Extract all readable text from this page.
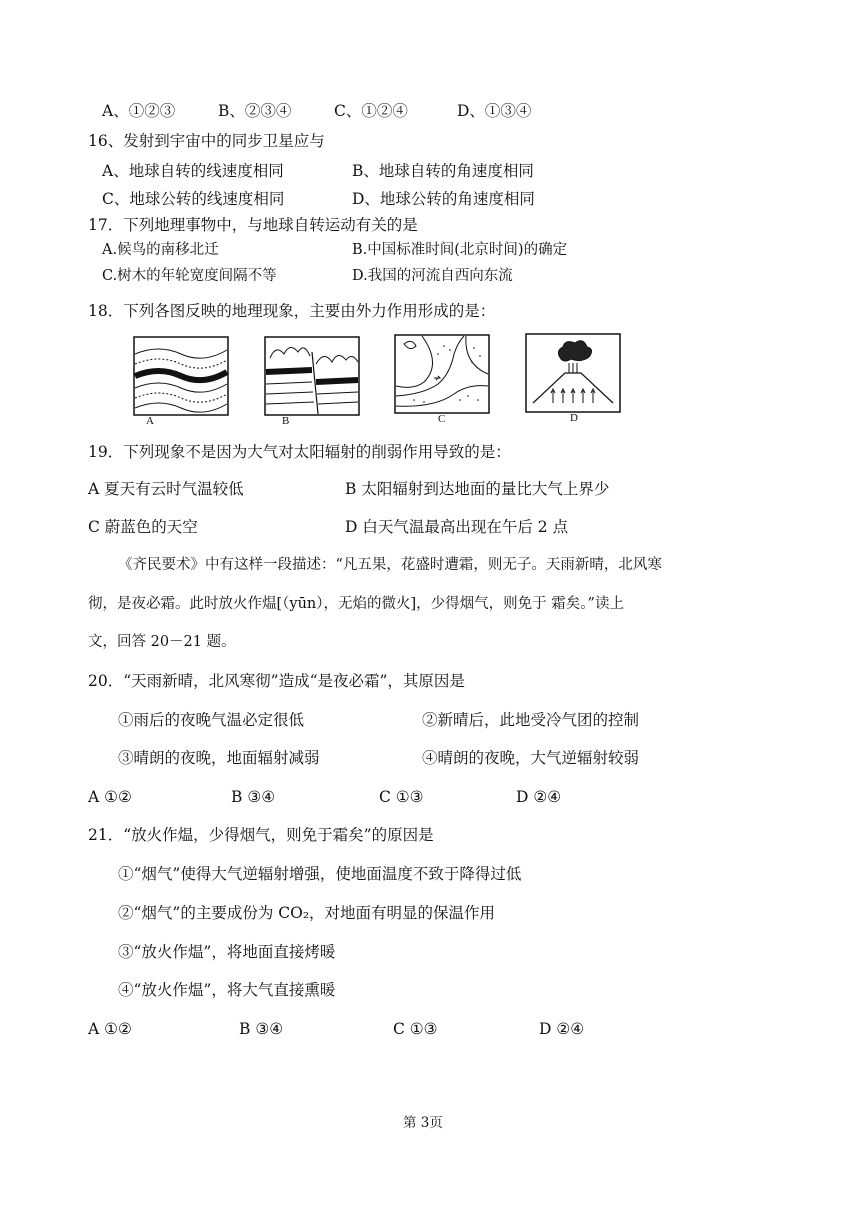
A、①②③	B、②③④	C、①②④	D、①③④
16、发射到宇宙中的同步卫星应与
A、地球自转的线速度相同	B、地球自转的角速度相同
C、地球公转的线速度相同	D、地球公转的角速度相同
17．下列地理事物中，与地球自转运动有关的是
A.候鸟的南移北迁	B.中国标准时间(北京时间)的确定
C.树木的年轮宽度间隔不等	D.我国的河流自西向东流
18．下列各图反映的地理现象，主要由外力作用形成的是：
A	B	C	D
19．下列现象不是因为大气对太阳辐射的削弱作用导致的是：
A 夏天有云时气温较低	B 太阳辐射到达地面的量比大气上界少
C 蔚蓝色的天空	D 白天气温最高出现在午后 2 点
《齐民要术》中有这样一段描述：“凡五果，花盛时遭霜，则无子。天雨新晴，北风寒
彻，是夜必霜。此时放火作煴[（yūn），无焰的微火]，少得烟气，则免于 霜矣。”读上
文，回答 20－21 题。
20．“天雨新晴，北风寒彻”造成“是夜必霜”，其原因是
①雨后的夜晚气温必定很低	②新晴后，此地受冷气团的控制
③晴朗的夜晚，地面辐射减弱	④晴朗的夜晚，大气逆辐射较弱
A ①②	B ③④	C ①③	D ②④
21．“放火作煴，少得烟气，则免于霜矣”的原因是
①“烟气”使得大气逆辐射增强，使地面温度不致于降得过低
②“烟气”的主要成份为 CO₂，对地面有明显的保温作用
③“放火作煴”，将地面直接烤暖
④“放火作煴”，将大气直接熏暖
A ①②	B ③④	C ①③	D ②④
第 3页
